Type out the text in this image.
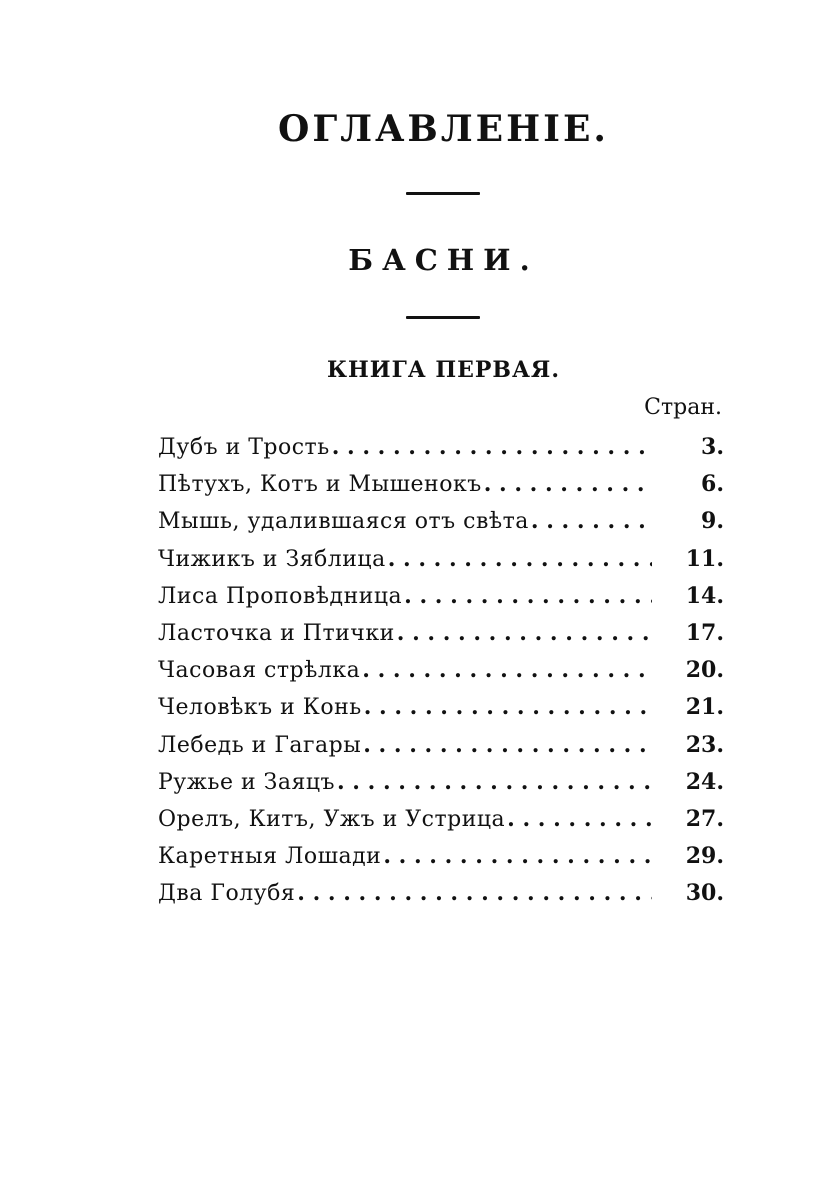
ОГЛАВЛЕНІЕ.
БАСНИ.
КНИГА ПЕРВАЯ.
Стран.
Дубъ и Трость . . .	3.
Пѣтухъ, Котъ и Мышенокъ . . .	6.
Мышь, удалившаяся отъ свѣта . . .	9.
Чижикъ и Зяблица . . .	11.
Лиса Проповѣдница . . .	14.
Ласточка и Птички . . .	17.
Часовая стрѣлка . . .	20.
Человѣкъ и Конь . . .	21.
Лебедь и Гагары . . .	23.
Ружье и Заяцъ . . .	24.
Орелъ, Китъ, Ужъ и Устрица . . .	27.
Каретныя Лошади . . .	29.
Два Голубя . . .	30.
